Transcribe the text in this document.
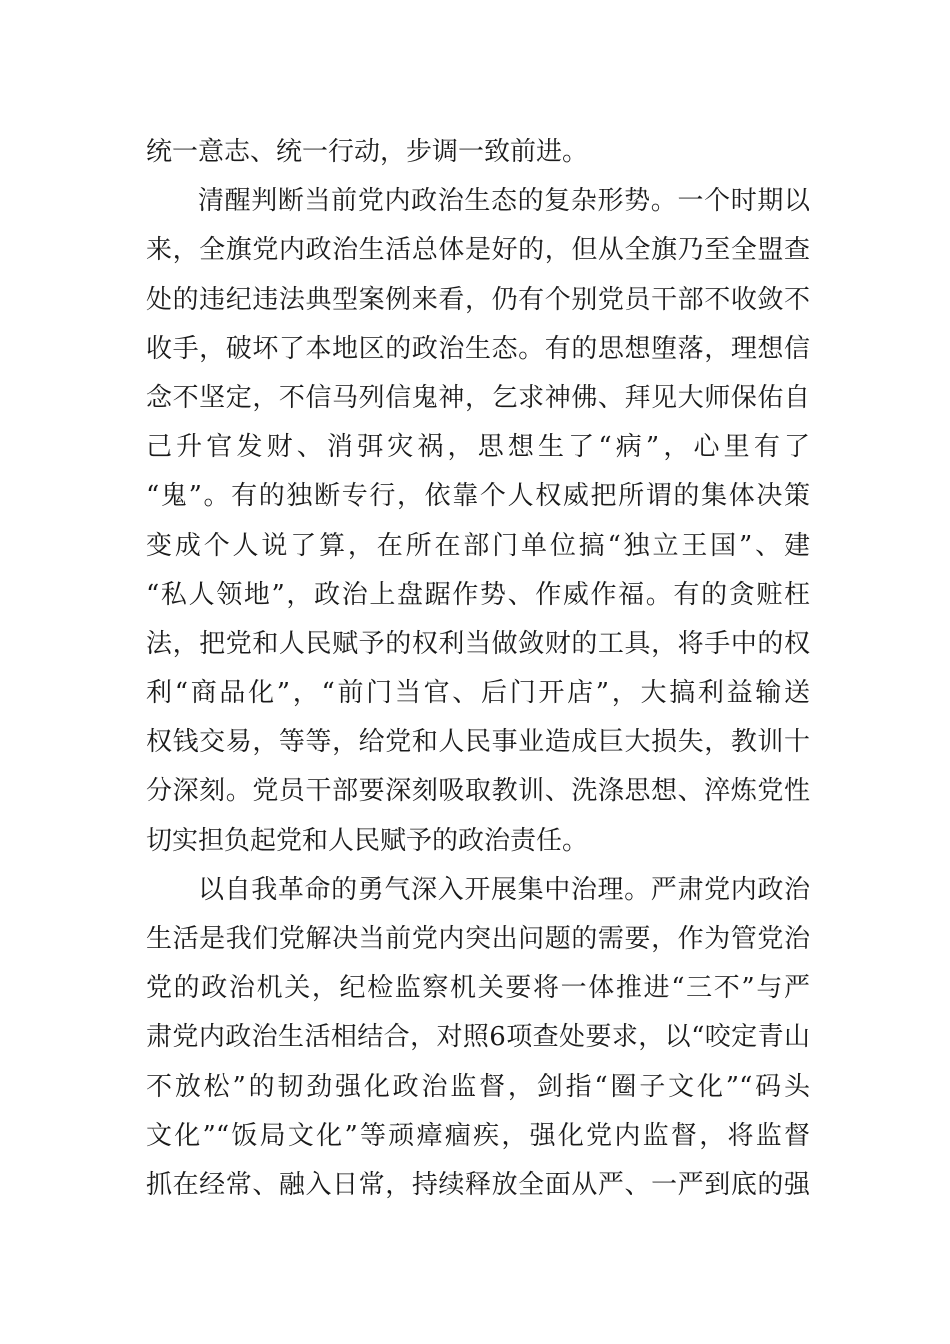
统一意志、统一行动，步调一致前进。
清醒判断当前党内政治生态的复杂形势。一个时期以
来，全旗党内政治生活总体是好的，但从全旗乃至全盟查
处的违纪违法典型案例来看，仍有个别党员干部不收敛不
收手，破坏了本地区的政治生态。有的思想堕落，理想信
念不坚定，不信马列信鬼神，乞求神佛、拜见大师保佑自
己升官发财、消弭灾祸，思想生了“病”，心里有了
“鬼”。有的独断专行，依靠个人权威把所谓的集体决策
变成个人说了算，在所在部门单位搞“独立王国”、建
“私人领地”，政治上盘踞作势、作威作福。有的贪赃枉
法，把党和人民赋予的权利当做敛财的工具，将手中的权
利“商品化”，“前门当官、后门开店”，大搞利益输送
权钱交易，等等，给党和人民事业造成巨大损失，教训十
分深刻。党员干部要深刻吸取教训、洗涤思想、淬炼党性
切实担负起党和人民赋予的政治责任。
以自我革命的勇气深入开展集中治理。严肃党内政治
生活是我们党解决当前党内突出问题的需要，作为管党治
党的政治机关，纪检监察机关要将一体推进“三不”与严
肃党内政治生活相结合，对照6项查处要求，以“咬定青山
不放松”的韧劲强化政治监督，剑指“圈子文化”“码头
文化”“饭局文化”等顽瘴痼疾，强化党内监督，将监督
抓在经常、融入日常，持续释放全面从严、一严到底的强
